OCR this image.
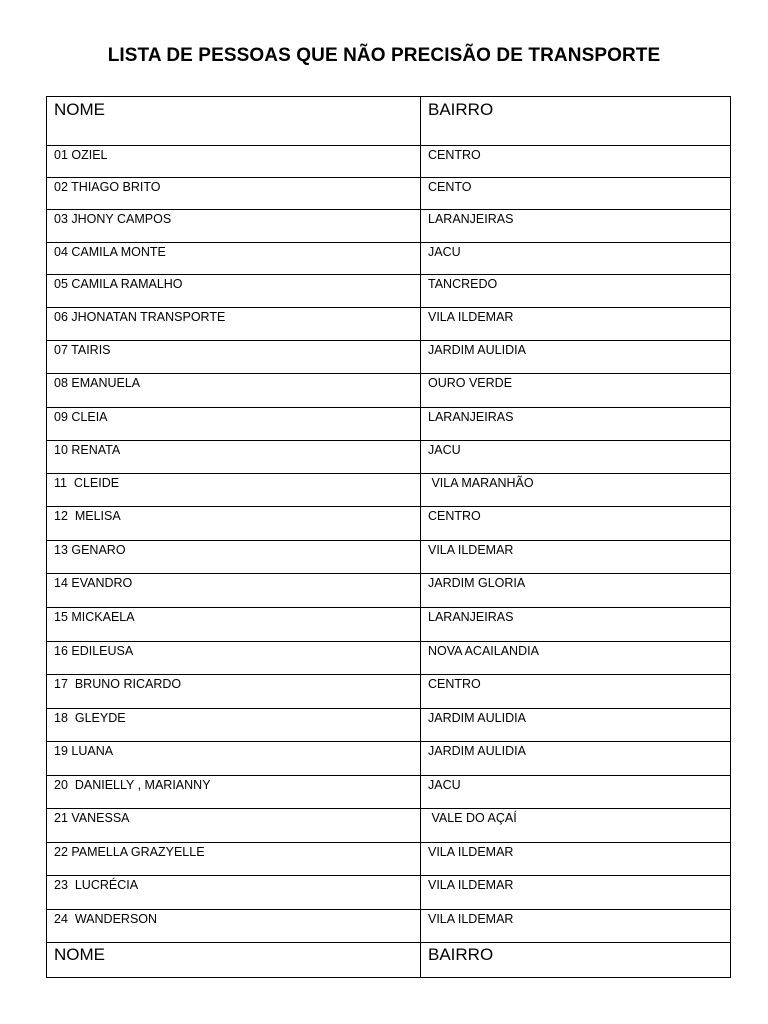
LISTA DE PESSOAS QUE NÃO PRECISÃO DE TRANSPORTE
NOME	BAIRRO
01 OZIEL	CENTRO
02 THIAGO BRITO	CENTO
03 JHONY CAMPOS	LARANJEIRAS
04 CAMILA MONTE	JACU
05 CAMILA RAMALHO	TANCREDO
06 JHONATAN TRANSPORTE	VILA ILDEMAR
07 TAIRIS	JARDIM AULIDIA
08 EMANUELA	OURO VERDE
09 CLEIA	LARANJEIRAS
10 RENATA	JACU
11  CLEIDE	VILA MARANHÃO
12  MELISA	CENTRO
13 GENARO	VILA ILDEMAR
14 EVANDRO	JARDIM GLORIA
15 MICKAELA	LARANJEIRAS
16 EDILEUSA	NOVA ACAILANDIA
17  BRUNO RICARDO	CENTRO
18  GLEYDE	JARDIM AULIDIA
19 LUANA	JARDIM AULIDIA
20  DANIELLY , MARIANNY	JACU
21 VANESSA	VALE DO AÇAÍ
22 PAMELLA GRAZYELLE	VILA ILDEMAR
23  LUCRÉCIA	VILA ILDEMAR
24  WANDERSON	VILA ILDEMAR
NOME	BAIRRO
